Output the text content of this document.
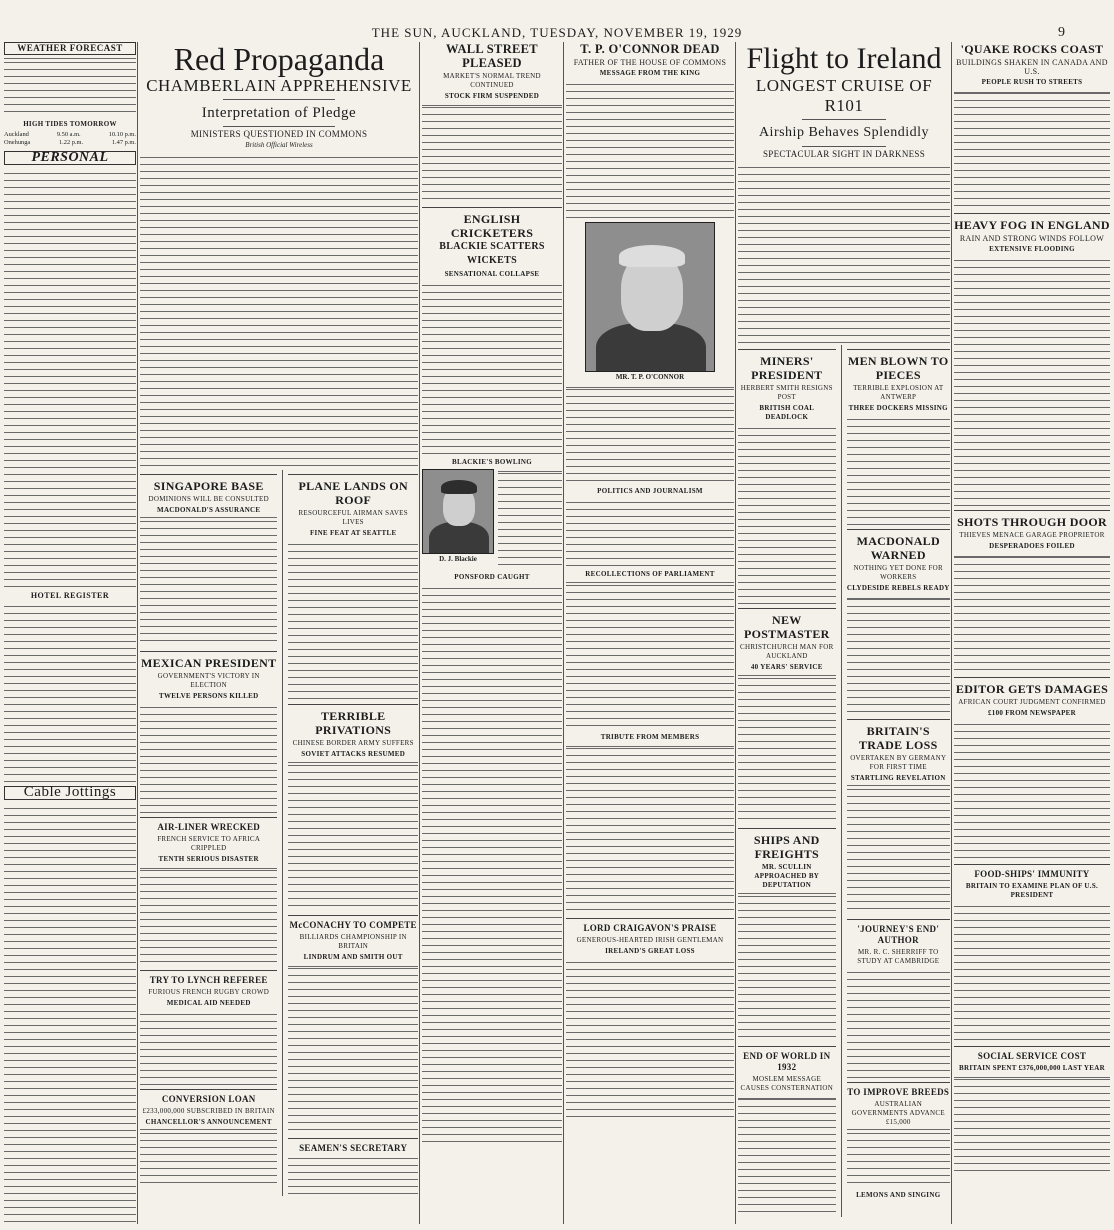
THE SUN, AUCKLAND, TUESDAY, NOVEMBER 19, 1929	9
WEATHER FORECAST
HIGH TIDES TOMORROW
Auckland	9.50 a.m.	10.10 p.m.
Onehunga	1.22 p.m.	1.47 p.m.
PERSONAL
HOTEL REGISTER
Cable Jottings
Red Propaganda
CHAMBERLAIN APPREHENSIVE
Interpretation of Pledge
MINISTERS QUESTIONED IN COMMONS
British Official Wireless
SINGAPORE BASE
DOMINIONS WILL BE CONSULTED
MACDONALD'S ASSURANCE
MEXICAN PRESIDENT
GOVERNMENT'S VICTORY IN ELECTION
TWELVE PERSONS KILLED
AIR-LINER WRECKED
FRENCH SERVICE TO AFRICA CRIPPLED
TENTH SERIOUS DISASTER
TRY TO LYNCH REFEREE
FURIOUS FRENCH RUGBY CROWD
MEDICAL AID NEEDED
CONVERSION LOAN
£233,000,000 SUBSCRIBED IN BRITAIN
CHANCELLOR'S ANNOUNCEMENT
PLANE LANDS ON ROOF
RESOURCEFUL AIRMAN SAVES LIVES
FINE FEAT AT SEATTLE
TERRIBLE PRIVATIONS
CHINESE BORDER ARMY SUFFERS
SOVIET ATTACKS RESUMED
McCONACHY TO COMPETE
BILLIARDS CHAMPIONSHIP IN BRITAIN
LINDRUM AND SMITH OUT
SEAMEN'S SECRETARY
WALL STREET PLEASED
MARKET'S NORMAL TREND CONTINUED
STOCK FIRM SUSPENDED
ENGLISH CRICKETERS
BLACKIE SCATTERS WICKETS
SENSATIONAL COLLAPSE
BLACKIE'S BOWLING
D. J. Blackie
PONSFORD CAUGHT
T. P. O'CONNOR DEAD
FATHER OF THE HOUSE OF COMMONS
MESSAGE FROM THE KING
MR. T. P. O'CONNOR
POLITICS AND JOURNALISM
RECOLLECTIONS OF PARLIAMENT
TRIBUTE FROM MEMBERS
LORD CRAIGAVON'S PRAISE
GENEROUS-HEARTED IRISH GENTLEMAN
IRELAND'S GREAT LOSS
Flight to Ireland
LONGEST CRUISE OF R101
Airship Behaves Splendidly
SPECTACULAR SIGHT IN DARKNESS
MINERS' PRESIDENT
HERBERT SMITH RESIGNS POST
BRITISH COAL DEADLOCK
NEW POSTMASTER
CHRISTCHURCH MAN FOR AUCKLAND
40 YEARS' SERVICE
SHIPS AND FREIGHTS
MR. SCULLIN APPROACHED BY DEPUTATION
END OF WORLD IN 1932
MOSLEM MESSAGE CAUSES CONSTERNATION
MEN BLOWN TO PIECES
TERRIBLE EXPLOSION AT ANTWERP
THREE DOCKERS MISSING
MACDONALD WARNED
NOTHING YET DONE FOR WORKERS
CLYDESIDE REBELS READY
BRITAIN'S TRADE LOSS
OVERTAKEN BY GERMANY FOR FIRST TIME
STARTLING REVELATION
'JOURNEY'S END' AUTHOR
MR. R. C. SHERRIFF TO STUDY AT CAMBRIDGE
TO IMPROVE BREEDS
AUSTRALIAN GOVERNMENTS ADVANCE £15,000
LEMONS AND SINGING
'QUAKE ROCKS COAST
BUILDINGS SHAKEN IN CANADA AND U.S.
PEOPLE RUSH TO STREETS
HEAVY FOG IN ENGLAND
RAIN AND STRONG WINDS FOLLOW
EXTENSIVE FLOODING
SHOTS THROUGH DOOR
THIEVES MENACE GARAGE PROPRIETOR
DESPERADOES FOILED
EDITOR GETS DAMAGES
AFRICAN COURT JUDGMENT CONFIRMED
£100 FROM NEWSPAPER
FOOD-SHIPS' IMMUNITY
BRITAIN TO EXAMINE PLAN OF U.S. PRESIDENT
SOCIAL SERVICE COST
BRITAIN SPENT £376,000,000 LAST YEAR
